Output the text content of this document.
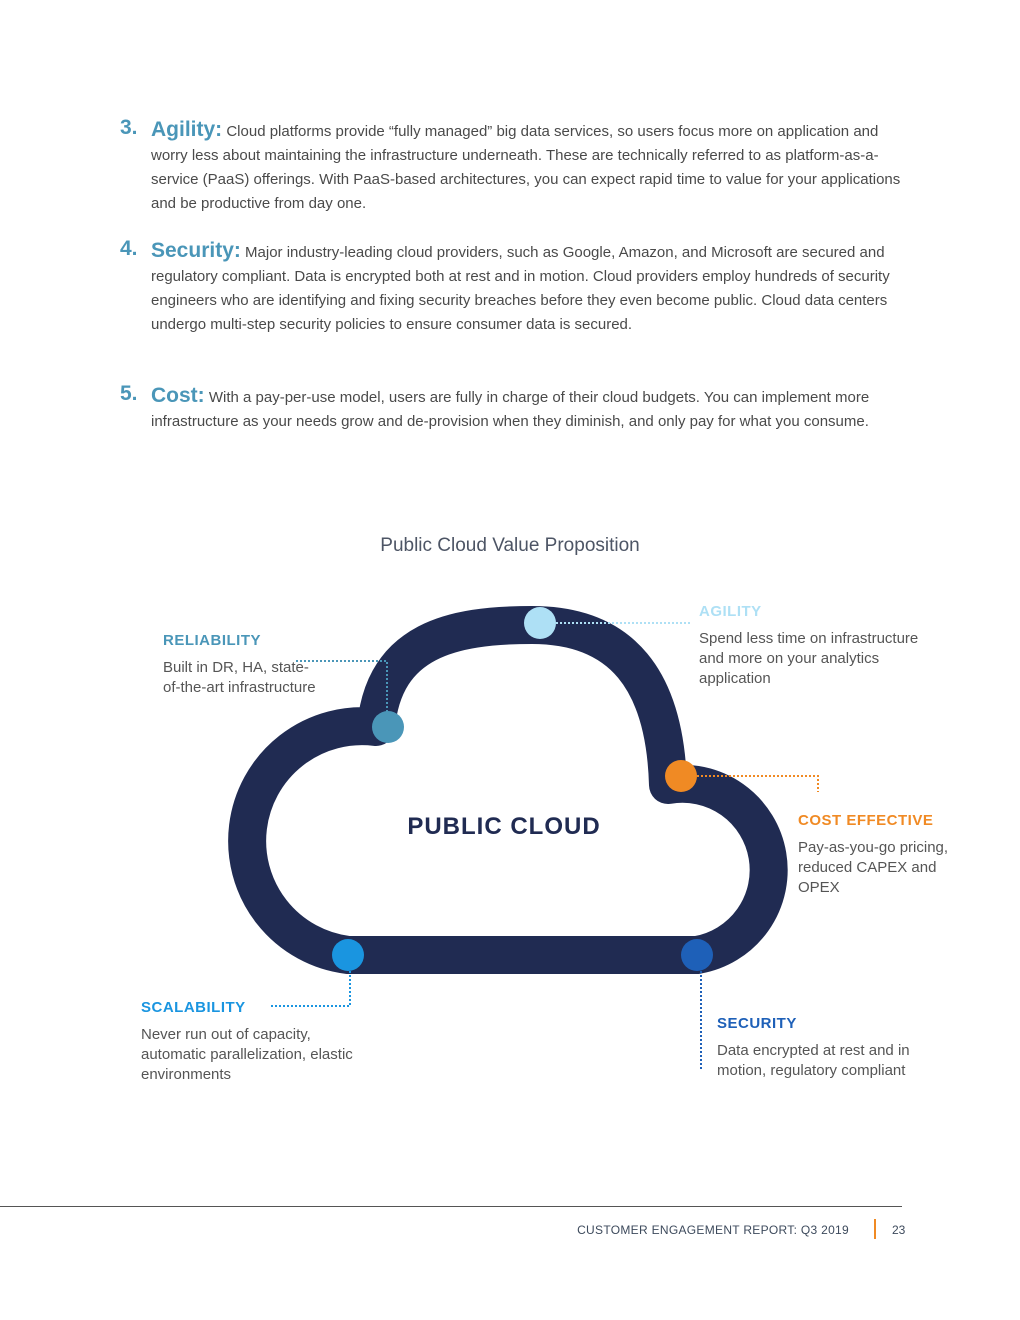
3. Agility: Cloud platforms provide “fully managed” big data services, so users focus more on application and worry less about maintaining the infrastructure underneath. These are technically referred to as platform-as-a-service (PaaS) offerings. With PaaS-based architectures, you can expect rapid time to value for your applications and be productive from day one.
4. Security: Major industry-leading cloud providers, such as Google, Amazon, and Microsoft are secured and regulatory compliant. Data is encrypted both at rest and in motion. Cloud providers employ hundreds of security engineers who are identifying and fixing security breaches before they even become public. Cloud data centers undergo multi-step security policies to ensure consumer data is secured.
5. Cost: With a pay-per-use model, users are fully in charge of their cloud budgets. You can implement more infrastructure as your needs grow and de-provision when they diminish, and only pay for what you consume.
Public Cloud Value Proposition
PUBLIC CLOUD
RELIABILITY
Built in DR, HA, state-of-the-art infrastructure
AGILITY
Spend less time on infrastructure and more on your analytics application
COST EFFECTIVE
Pay-as-you-go pricing, reduced CAPEX and OPEX
SCALABILITY
Never run out of capacity, automatic parallelization, elastic environments
SECURITY
Data encrypted at rest and in motion, regulatory compliant
CUSTOMER ENGAGEMENT REPORT: Q3 2019	23
